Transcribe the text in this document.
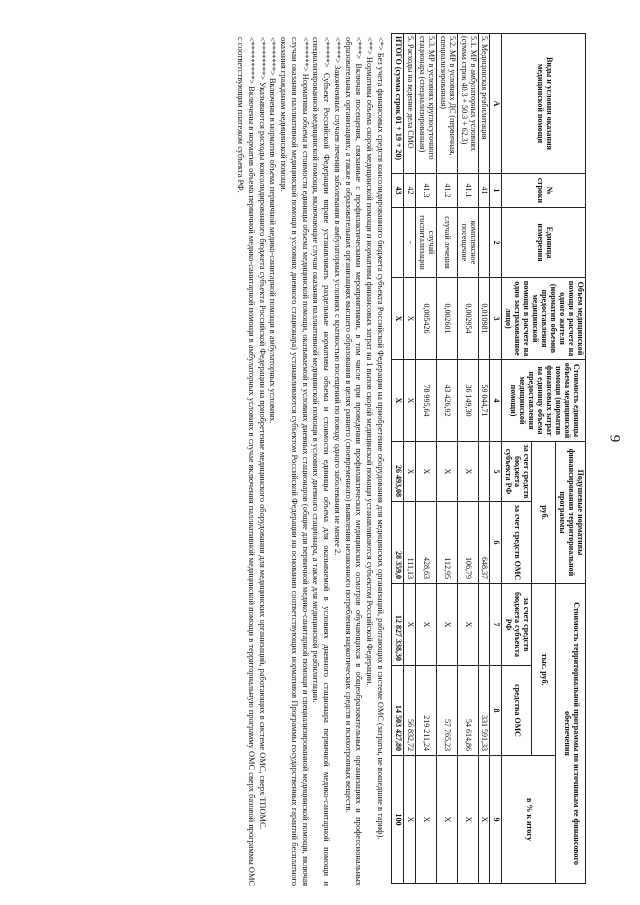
9
Виды и условия оказания медицинской помощи	№ строки	Единица измерения	Объем медицинской помощи в расчете на одного жителя (норматив объемов предоставления медицинской помощи в расчете на одно застрахованное лицо)	Стоимость единицы объема медицинской помощи (норматив финансовых затрат на единицу объема предоставления медицинской помощи)	Подушевые нормативы финансирования территориальной программы		Стоимость территориальной программы по источникам ее финансового обеспечения		
					руб.		тыс. руб.		в % к итогу
					за счет средств бюджета субъекта РФ	за счет средств ОМС	за счет средств бюджета субъекта РФ	средства ОМС	
А	1	2	3	4	5	6	7	8	9
5. Медицинская реабилитация	41		0,010981	59 044,71		648,37		331 591,33	Х
5.1. МР в амбулаторных условиях (сумма строк 40.3 + 50.3 + 62.3)	41.1	комплексное посещение	0,002954	36 149,30	Х	106,79	Х	54 614,86	Х
5.2. МР в условиях ДС (первичная, специализированная)	41.2	случай лечения	0,002601	43 426,92	Х	112,95	Х	57 765,23	Х
5.3. МР в условиях круглосуточного стационара (специализированная)	41.3	случай госпитализации	0,005426	78 995,64	Х	428,63	Х	219 211,24	Х
5. Расходы на ведение дела СМО	42	-	Х	Х	Х	111,13	Х	56 832,72	Х
ИТОГО (сумма строк 01 + 19 + 20)	43		Х	Х	26 493,08	28 359,0	12 827 338,30	14 503 427,80	100

<*> Без учета финансовых средств консолидированного бюджета субъекта Российской Федерации на приобретение оборудования для медицинских организаций, работающих в системе ОМС (затраты, не вошедшие в тариф).

<**> Нормативы объема скорой медицинской помощи и нормативы финансовых затрат на 1 вызов скорой медицинской помощи устанавливаются субъектом Российской Федерации.

<***> Включая посещения, связанные с профилактическими мероприятиями, в том числе при проведении профилактических медицинских осмотров обучающихся в общеобразовательных организациях и профессиональных образовательных организациях, а также в образовательных организациях высшего образования в целях раннего (своевременного) выявления незаконного потребления наркотических средств и психотропных веществ.

<****> Законченных случаев лечения заболевания в амбулаторных условиях с кратностью посещений по поводу одного заболевания не менее 2.

<*****> Субъект Российской Федерации вправе устанавливать раздельные нормативы объема и стоимости единицы объема для оказываемой в условиях дневного стационара первичной медико-санитарной помощи и специализированной медицинской помощи, включающие случаи оказания паллиативной медицинской помощи в условиях дневного стационара, а также для медицинской реабилитации.

<******> Нормативы объема и стоимости единицы объема медицинской помощи, оказываемой в условиях дневных стационаров (общие для первичной медико-санитарной помощи и специализированной медицинской помощи, включая случаи оказания паллиативной медицинской помощи в условиях дневного стационара) устанавливаются субъектом Российской Федерации на основании соответствующих нормативов Программы государственных гарантий бесплатного оказания гражданам медицинской помощи.

<*******> Включены в норматив объема первичной медико-санитарной помощи в амбулаторных условиях.

<********> Указываются расходы консолидированного бюджета субъекта Российской Федерации на приобретение медицинского оборудования для медицинских организаций, работающих в системе ОМС, сверх ТПОМС.

<*********> Включены в норматив объема первичной медико-санитарной помощи в амбулаторных условиях в случае включения паллиативной медицинской помощи в территориальную программу ОМС сверх базовой программы ОМС с соответствующим платежом субъекта РФ.
